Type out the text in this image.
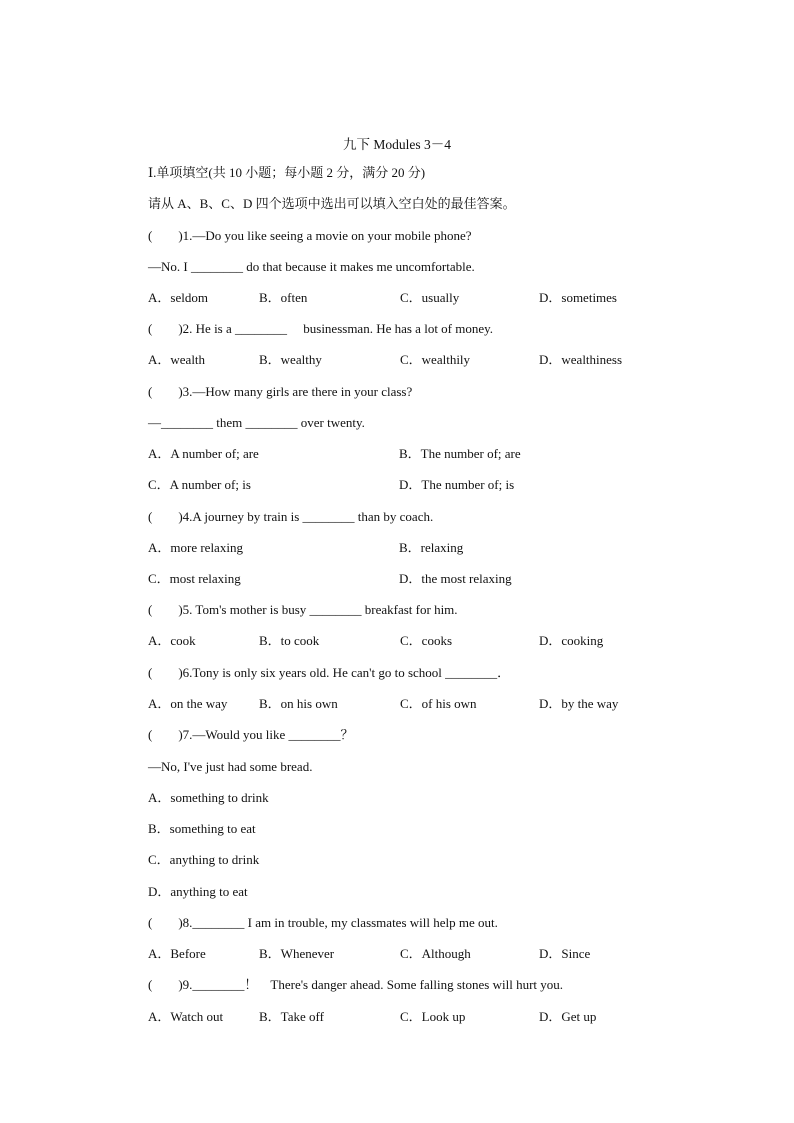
九下 Modules 3－4
Ⅰ.单项填空(共 10 小题；每小题 2 分，满分 20 分)
请从 A、B、C、D 四个选项中选出可以填入空白处的最佳答案。
(　　)1.—Do you like seeing a movie on your mobile phone?
—No. I ________ do that because it makes me uncomfortable.
A．seldom	B．often	C．usually	D．sometimes
(　　)2. He is a ________　 businessman. He has a lot of money.
A．wealth	B．wealthy	C．wealthily	D．wealthiness
(　　)3.—How many girls are there in your class?
—________ them ________ over twenty.
A．A number of; are	B．The number of; are
C．A number of; is	D．The number of; is
(　　)4.A journey by train is ________ than by coach.
A．more relaxing	B．relaxing
C．most relaxing	D．the most relaxing
(　　)5. Tom's mother is busy ________ breakfast for him.
A．cook	B．to cook	C．cooks	D．cooking
(　　)6.Tony is only six years old. He can't go to school ________．
A．on the way B．on his own	C．of his own	D．by the way
(　　)7.—Would you like ________？
—No, I've just had some bread.
A．something to drink
B．something to eat
C．anything to drink
D．anything to eat
(　　)8.________ I am in trouble, my classmates will help me out.
A．Before	B．Whenever	C．Although	D．Since
(　　)9.________！　There's danger ahead. Some falling stones will hurt you.
A．Watch out	B．Take off	C．Look up	D．Get up
